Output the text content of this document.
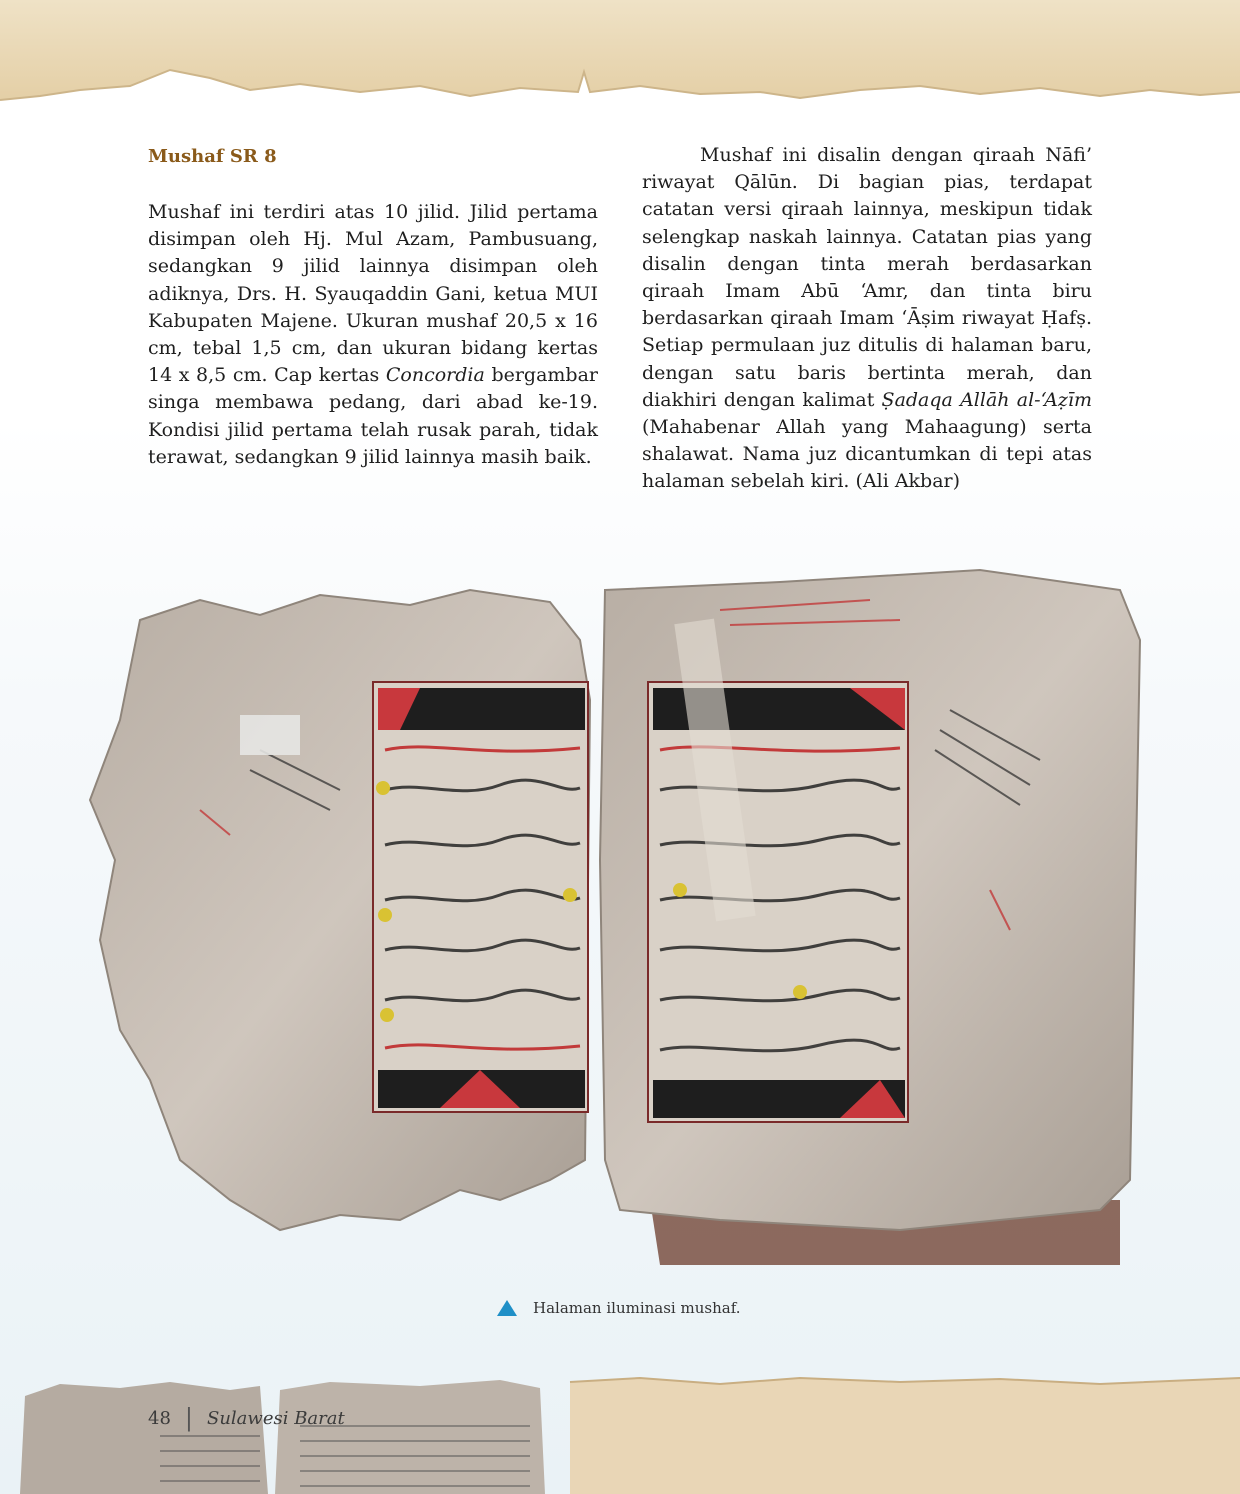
Mushaf SR 8

Mushaf ini terdiri atas 10 jilid. Jilid pertama disimpan oleh Hj. Mul Azam, Pambusuang, sedangkan 9 jilid lainnya disimpan oleh adiknya, Drs. H. Syauqaddin Gani, ketua MUI Kabupaten Majene. Ukuran mushaf 20,5 x 16 cm, tebal 1,5 cm, dan ukuran bidang kertas 14 x 8,5 cm. Cap kertas Concordia bergambar singa membawa pedang, dari abad ke-19. Kondisi jilid pertama telah rusak parah, tidak terawat, sedangkan 9 jilid lainnya masih baik.

Mushaf ini disalin dengan qiraah Nāfi’ riwayat Qālūn. Di bagian pias, terdapat catatan versi qiraah lainnya, meskipun tidak selengkap naskah lainnya. Catatan pias yang disalin dengan tinta merah berdasarkan qiraah Imam Abū ‘Amr, dan tinta biru berdasarkan qiraah Imam ‘Āṣim riwayat Ḥafṣ. Setiap permulaan juz ditulis di halaman baru, dengan satu baris bertinta merah, dan diakhiri dengan kalimat Ṣadaqa Allāh al-‘Aẓīm (Mahabenar Allah yang Mahaagung) serta shalawat. Nama juz dicantumkan di tepi atas halaman sebelah kiri. (Ali Akbar)

Halaman iluminasi mushaf.
48 | Sulawesi Barat
